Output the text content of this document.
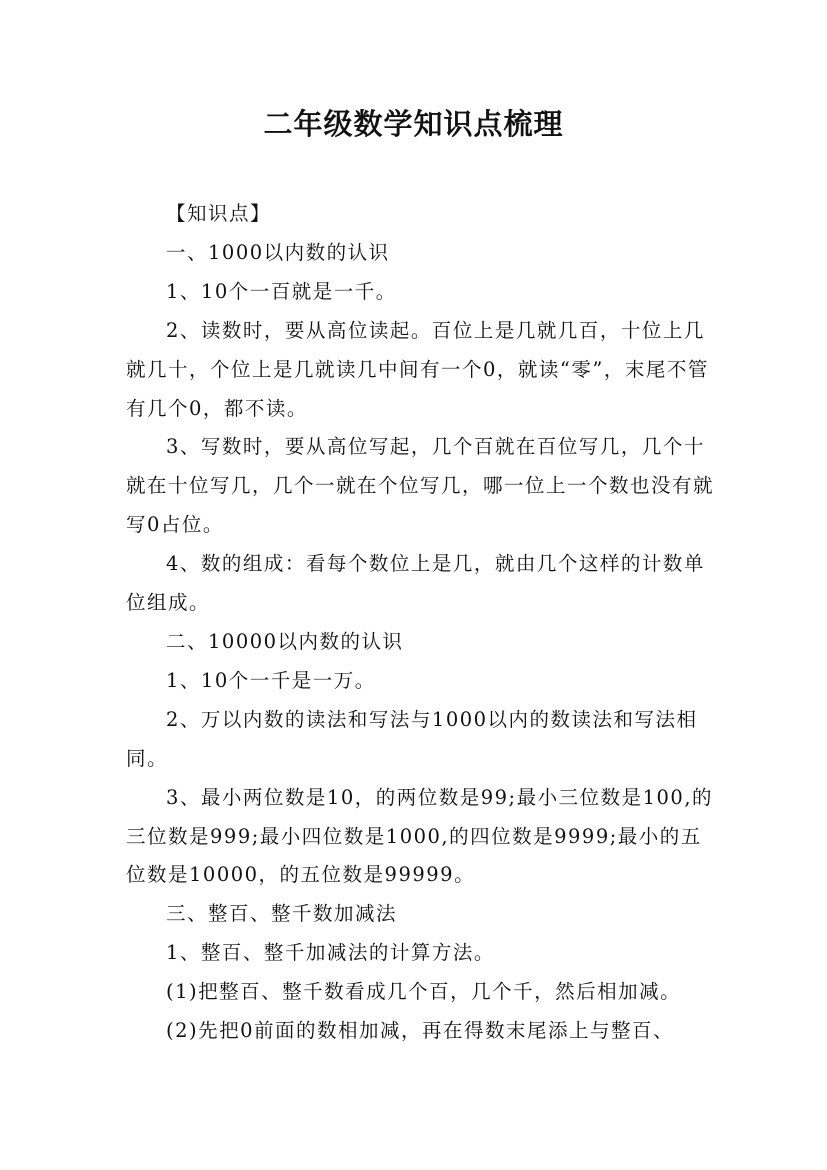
二年级数学知识点梳理

【知识点】

一、1000以内数的认识

1、10个一百就是一千。

2、读数时，要从高位读起。百位上是几就几百，十位上几就几十，个位上是几就读几中间有一个0，就读“零”，末尾不管有几个0，都不读。

3、写数时，要从高位写起，几个百就在百位写几，几个十就在十位写几，几个一就在个位写几，哪一位上一个数也没有就写0占位。

4、数的组成：看每个数位上是几，就由几个这样的计数单位组成。

二、10000以内数的认识

1、10个一千是一万。

2、万以内数的读法和写法与1000以内的数读法和写法相同。

3、最小两位数是10，的两位数是99;最小三位数是100,的三位数是999;最小四位数是1000,的四位数是9999;最小的五位数是10000，的五位数是99999。

三、整百、整千数加减法

1、整百、整千加减法的计算方法。

(1)把整百、整千数看成几个百，几个千，然后相加减。

(2)先把0前面的数相加减，再在得数末尾添上与整百、
